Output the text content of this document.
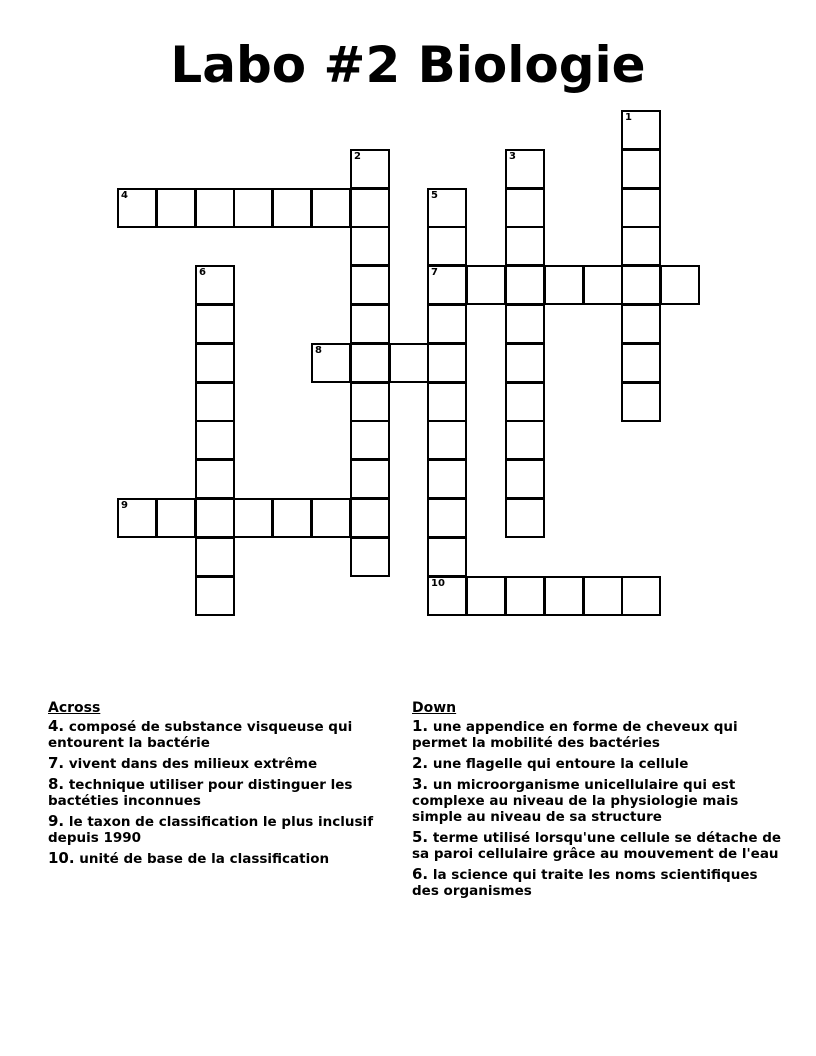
Labo #2 Biologie
1
2	3
4	5
7
10
6
8
9
Across
4. composé de substance visqueuse qui entourent la bactérie
7. vivent dans des milieux extrême
8. technique utiliser pour distinguer les bactéties inconnues
9. le taxon de classification le plus inclusif depuis 1990
10. unité de base de la classification
Down
1. une appendice en forme de cheveux qui permet la mobilité des bactéries
2. une flagelle qui entoure la cellule
3. un microorganisme unicellulaire qui est complexe au niveau de la physiologie mais simple au niveau de sa structure
5. terme utilisé lorsqu'une cellule se détache de sa paroi cellulaire grâce au mouvement de l'eau
6. la science qui traite les noms scientifiques des organismes
